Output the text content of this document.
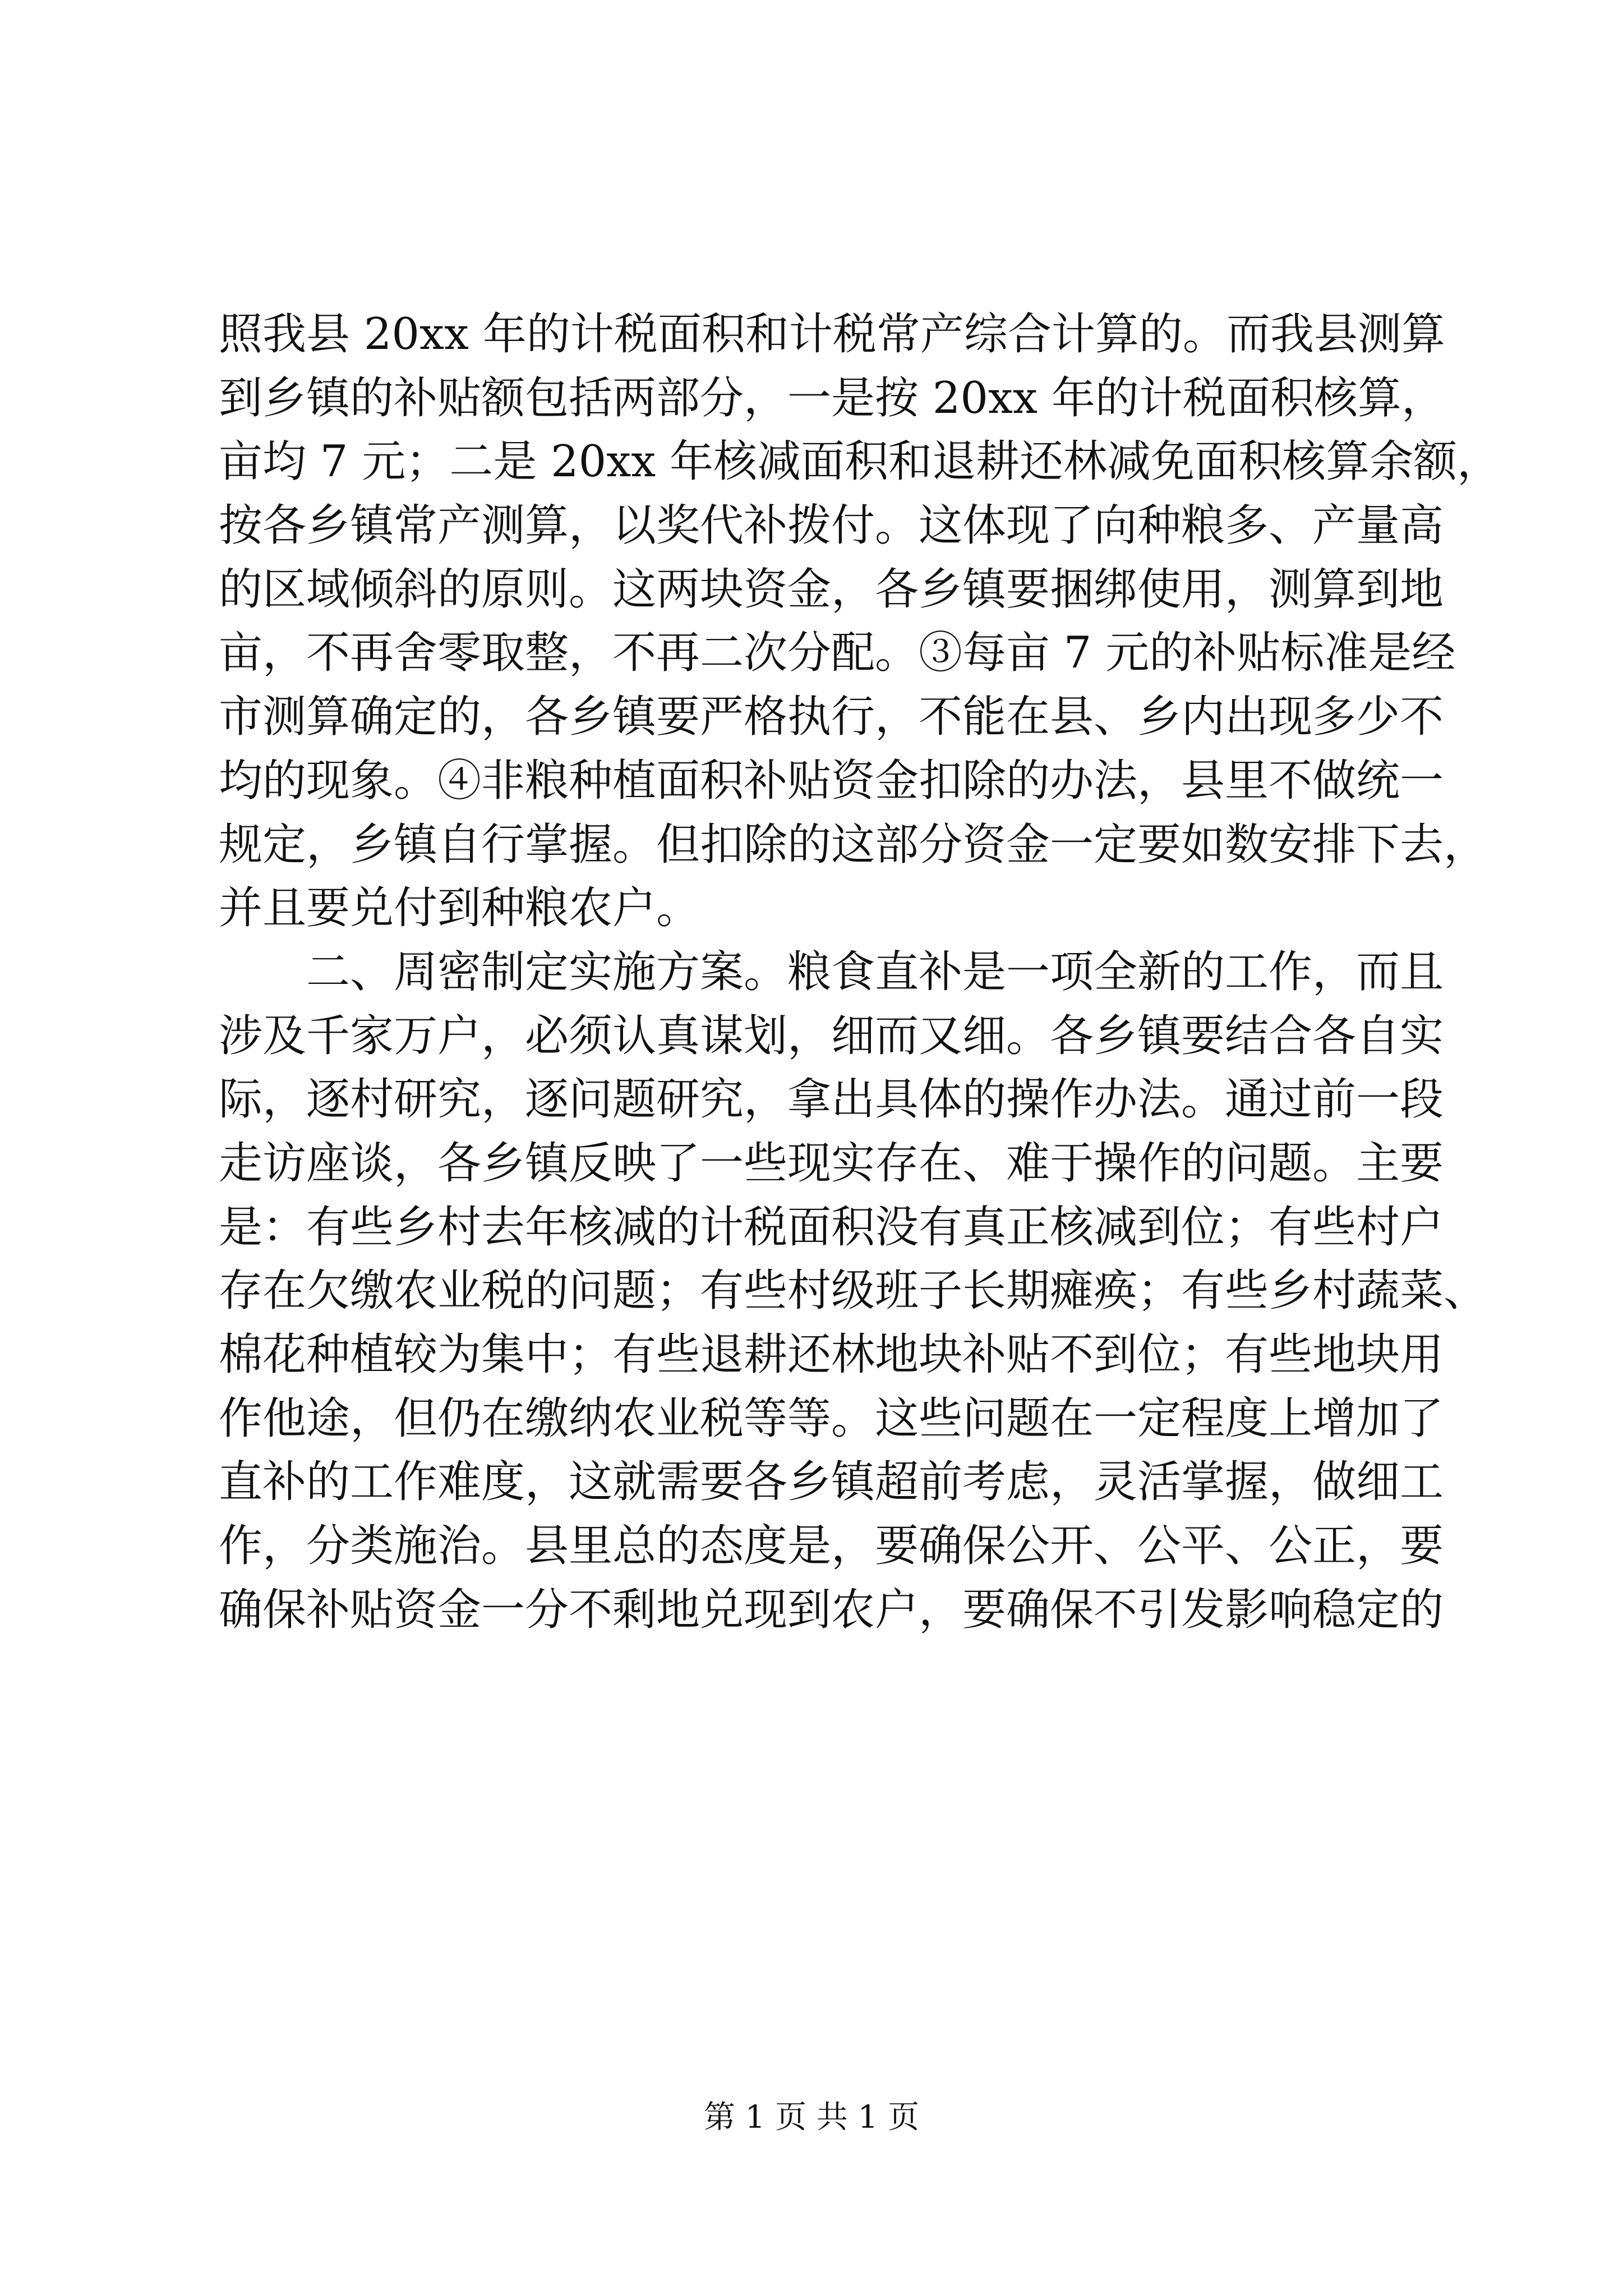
照我县 20xx 年的计税面积和计税常产综合计算的。而我县测算
到乡镇的补贴额包括两部分，一是按 20xx 年的计税面积核算，
亩均 7 元；二是 20xx 年核减面积和退耕还林减免面积核算余额，
按各乡镇常产测算，以奖代补拨付。这体现了向种粮多、产量高
的区域倾斜的原则。这两块资金，各乡镇要捆绑使用，测算到地
亩，不再舍零取整，不再二次分配。③每亩 7 元的补贴标准是经
市测算确定的，各乡镇要严格执行，不能在县、乡内出现多少不
均的现象。④非粮种植面积补贴资金扣除的办法，县里不做统一
规定，乡镇自行掌握。但扣除的这部分资金一定要如数安排下去，
并且要兑付到种粮农户。
二、周密制定实施方案。粮食直补是一项全新的工作，而且
涉及千家万户，必须认真谋划，细而又细。各乡镇要结合各自实
际，逐村研究，逐问题研究，拿出具体的操作办法。通过前一段
走访座谈，各乡镇反映了一些现实存在、难于操作的问题。主要
是：有些乡村去年核减的计税面积没有真正核减到位；有些村户
存在欠缴农业税的问题；有些村级班子长期瘫痪；有些乡村蔬菜、
棉花种植较为集中；有些退耕还林地块补贴不到位；有些地块用
作他途，但仍在缴纳农业税等等。这些问题在一定程度上增加了
直补的工作难度，这就需要各乡镇超前考虑，灵活掌握，做细工
作，分类施治。县里总的态度是，要确保公开、公平、公正，要
确保补贴资金一分不剩地兑现到农户，要确保不引发影响稳定的
第 1 页 共 1 页
